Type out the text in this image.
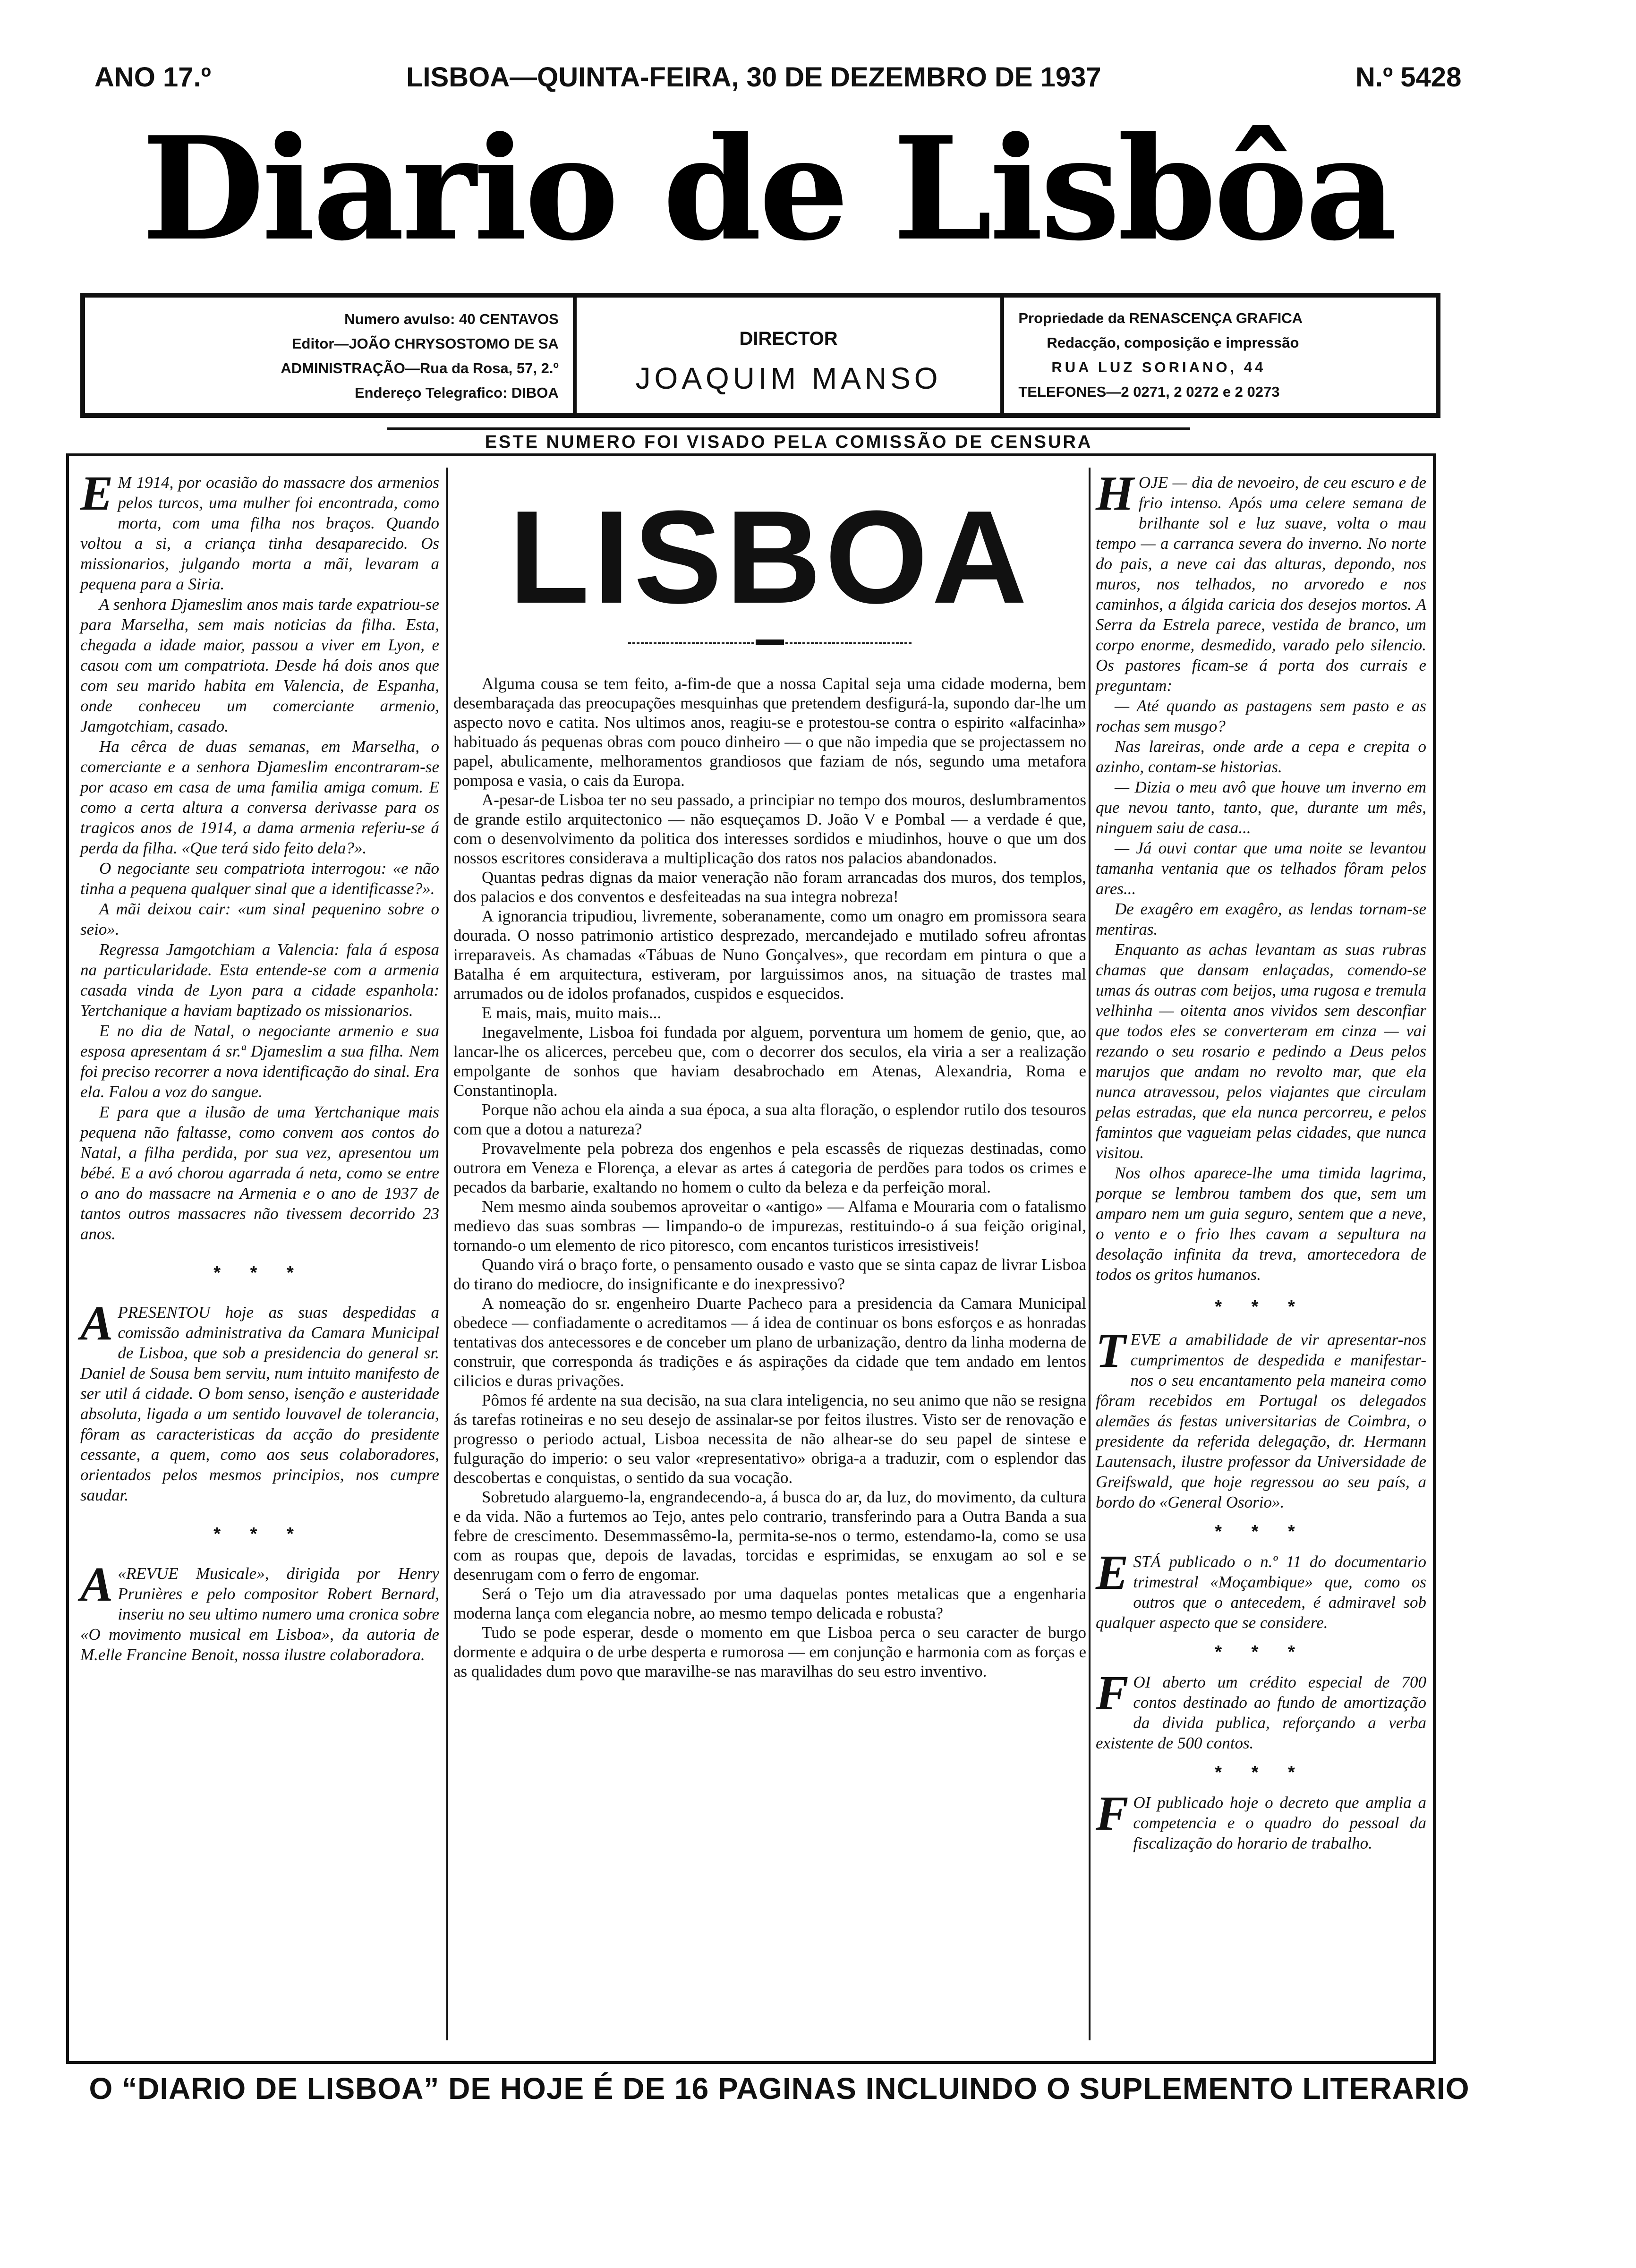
ANO 17.º	LISBOA—QUINTA-FEIRA, 30 DE DEZEMBRO DE 1937	N.º 5428
Diario de Lisbôa
Numero avulso: 40 CENTAVOS
Editor—JOÃO CHRYSOSTOMO DE SA
ADMINISTRAÇÃO—Rua da Rosa, 57, 2.º
Endereço Telegrafico: DIBOA
DIRECTOR
JOAQUIM MANSO
Propriedade da RENASCENÇA GRAFICA
Redacção, composição e impressão
RUA LUZ SORIANO, 44
TELEFONES—2 0271, 2 0272 e 2 0273
ESTE NUMERO FOI VISADO PELA COMISSÃO DE CENSURA
E M 1914, por ocasião do massacre dos armenios pelos turcos, uma mulher foi encontrada, como morta, com uma filha nos braços. Quando voltou a si, a criança tinha desaparecido. Os missionarios, julgando morta a mãi, levaram a pequena para a Siria.

A senhora Djameslim anos mais tarde expatriou-se para Marselha, sem mais noticias da filha. Esta, chegada a idade maior, passou a viver em Lyon, e casou com um compatriota. Desde há dois anos que com seu marido habita em Valencia, de Espanha, onde conheceu um comerciante armenio, Jamgotchiam, casado.

Ha cêrca de duas semanas, em Marselha, o comerciante e a senhora Djameslim encontraram-se por acaso em casa de uma familia amiga comum. E como a certa altura a conversa derivasse para os tragicos anos de 1914, a dama armenia referiu-se á perda da filha. «Que terá sido feito dela?».

O negociante seu compatriota interrogou: «e não tinha a pequena qualquer sinal que a identificasse?».

A mãi deixou cair: «um sinal pequenino sobre o seio».

Regressa Jamgotchiam a Valencia: fala á esposa na particularidade. Esta entende-se com a armenia casada vinda de Lyon para a cidade espanhola: Yertchanique a haviam baptizado os missionarios.

E no dia de Natal, o negociante armenio e sua esposa apresentam á sr.ª Djameslim a sua filha. Nem foi preciso recorrer a nova identificação do sinal. Era ela. Falou a voz do sangue.

E para que a ilusão de uma Yertchanique mais pequena não faltasse, como convem aos contos do Natal, a filha perdida, por sua vez, apresentou um bébé. E a avó chorou agarrada á neta, como se entre o ano do massacre na Armenia e o ano de 1937 de tantos outros massacres não tivessem decorrido 23 anos.

* * *
A PRESENTOU hoje as suas despedidas a comissão administrativa da Camara Municipal de Lisboa, que sob a presidencia do general sr. Daniel de Sousa bem serviu, num intuito manifesto de ser util á cidade. O bom senso, isenção e austeridade absoluta, ligada a um sentido louvavel de tolerancia, fôram as caracteristicas da acção do presidente cessante, a quem, como aos seus colaboradores, orientados pelos mesmos principios, nos cumpre saudar.

* * *
A «REVUE Musicale», dirigida por Henry Prunières e pelo compositor Robert Bernard, inseriu no seu ultimo numero uma cronica sobre «O movimento musical em Lisboa», da autoria de M.elle Francine Benoit, nossa ilustre colaboradora.

LISBOA

Alguma cousa se tem feito, a-fim-de que a nossa Capital seja uma cidade moderna, bem desembaraçada das preocupações mesquinhas que pretendem desfigurá-la, supondo dar-lhe um aspecto novo e catita. Nos ultimos anos, reagiu-se e protestou-se contra o espirito «alfacinha» habituado ás pequenas obras com pouco dinheiro — o que não impedia que se projectassem no papel, abulicamente, melhoramentos grandiosos que faziam de nós, segundo uma metafora pomposa e vasia, o cais da Europa.

A-pesar-de Lisboa ter no seu passado, a principiar no tempo dos mouros, deslumbramentos de grande estilo arquitectonico — não esqueçamos D. João V e Pombal — a verdade é que, com o desenvolvimento da politica dos interesses sordidos e miudinhos, houve o que um dos nossos escritores considerava a multiplicação dos ratos nos palacios abandonados.

Quantas pedras dignas da maior veneração não foram arrancadas dos muros, dos templos, dos palacios e dos conventos e desfeiteadas na sua integra nobreza!

A ignorancia tripudiou, livremente, soberanamente, como um onagro em promissora seara dourada. O nosso patrimonio artistico desprezado, mercandejado e mutilado sofreu afrontas irreparaveis. As chamadas «Tábuas de Nuno Gonçalves», que recordam em pintura o que a Batalha é em arquitectura, estiveram, por larguissimos anos, na situação de trastes mal arrumados ou de idolos profanados, cuspidos e esquecidos.

E mais, mais, muito mais...

Inegavelmente, Lisboa foi fundada por alguem, porventura um homem de genio, que, ao lancar-lhe os alicerces, percebeu que, com o decorrer dos seculos, ela viria a ser a realização empolgante de sonhos que haviam desabrochado em Atenas, Alexandria, Roma e Constantinopla.

Porque não achou ela ainda a sua época, a sua alta floração, o esplendor rutilo dos tesouros com que a dotou a natureza?

Provavelmente pela pobreza dos engenhos e pela escassês de riquezas destinadas, como outrora em Veneza e Florença, a elevar as artes á categoria de perdões para todos os crimes e pecados da barbarie, exaltando no homem o culto da beleza e da perfeição moral.

Nem mesmo ainda soubemos aproveitar o «antigo» — Alfama e Mouraria com o fatalismo medievo das suas sombras — limpando-o de impurezas, restituindo-o á sua feição original, tornando-o um elemento de rico pitoresco, com encantos turisticos irresistiveis!

Quando virá o braço forte, o pensamento ousado e vasto que se sinta capaz de livrar Lisboa do tirano do mediocre, do insignificante e do inexpressivo?

A nomeação do sr. engenheiro Duarte Pacheco para a presidencia da Camara Municipal obedece — confiadamente o acreditamos — á idea de continuar os bons esforços e as honradas tentativas dos antecessores e de conceber um plano de urbanização, dentro da linha moderna de construir, que corresponda ás tradições e ás aspirações da cidade que tem andado em lentos cilicios e duras privações.

Pômos fé ardente na sua decisão, na sua clara inteligencia, no seu animo que não se resigna ás tarefas rotineiras e no seu desejo de assinalar-se por feitos ilustres. Visto ser de renovação e progresso o periodo actual, Lisboa necessita de não alhear-se do seu papel de sintese e fulguração do imperio: o seu valor «representativo» obriga-a a traduzir, com o esplendor das descobertas e conquistas, o sentido da sua vocação.

Sobretudo alarguemo-la, engrandecendo-a, á busca do ar, da luz, do movimento, da cultura e da vida. Não a furtemos ao Tejo, antes pelo contrario, transferindo para a Outra Banda a sua febre de crescimento. Desemmassêmo-la, permita-se-nos o termo, estendamo-la, como se usa com as roupas que, depois de lavadas, torcidas e esprimidas, se enxugam ao sol e se desenrugam com o ferro de engomar.

Será o Tejo um dia atravessado por uma daquelas pontes metalicas que a engenharia moderna lança com elegancia nobre, ao mesmo tempo delicada e robusta?

Tudo se pode esperar, desde o momento em que Lisboa perca o seu caracter de burgo dormente e adquira o de urbe desperta e rumorosa — em conjunção e harmonia com as forças e as qualidades dum povo que maravilhe-se nas maravilhas do seu estro inventivo.

H OJE — dia de nevoeiro, de ceu escuro e de frio intenso. Após uma celere semana de brilhante sol e luz suave, volta o mau tempo — a carranca severa do inverno. No norte do pais, a neve cai das alturas, depondo, nos muros, nos telhados, no arvoredo e nos caminhos, a álgida caricia dos desejos mortos. A Serra da Estrela parece, vestida de branco, um corpo enorme, desmedido, varado pelo silencio. Os pastores ficam-se á porta dos currais e preguntam:

— Até quando as pastagens sem pasto e as rochas sem musgo?

Nas lareiras, onde arde a cepa e crepita o azinho, contam-se historias.

— Dizia o meu avô que houve um inverno em que nevou tanto, tanto, que, durante um mês, ninguem saiu de casa...

— Já ouvi contar que uma noite se levantou tamanha ventania que os telhados fôram pelos ares...

De exagêro em exagêro, as lendas tornam-se mentiras.

Enquanto as achas levantam as suas rubras chamas que dansam enlaçadas, comendo-se umas ás outras com beijos, uma rugosa e tremula velhinha — oitenta anos vividos sem desconfiar que todos eles se converteram em cinza — vai rezando o seu rosario e pedindo a Deus pelos marujos que andam no revolto mar, que ela nunca atravessou, pelos viajantes que circulam pelas estradas, que ela nunca percorreu, e pelos famintos que vagueiam pelas cidades, que nunca visitou.

Nos olhos aparece-lhe uma timida lagrima, porque se lembrou tambem dos que, sem um amparo nem um guia seguro, sentem que a neve, o vento e o frio lhes cavam a sepultura na desolação infinita da treva, amortecedora de todos os gritos humanos.

* * *
T EVE a amabilidade de vir apresentar-nos cumprimentos de despedida e manifestar-nos o seu encantamento pela maneira como fôram recebidos em Portugal os delegados alemães ás festas universitarias de Coimbra, o presidente da referida delegação, dr. Hermann Lautensach, ilustre professor da Universidade de Greifswald, que hoje regressou ao seu país, a bordo do «General Osorio».

* * *
E STÁ publicado o n.º 11 do documentario trimestral «Moçambique» que, como os outros que o antecedem, é admiravel sob qualquer aspecto que se considere.

* * *
F OI aberto um crédito especial de 700 contos destinado ao fundo de amortização da divida publica, reforçando a verba existente de 500 contos.

* * *
F OI publicado hoje o decreto que amplia a competencia e o quadro do pessoal da fiscalização do horario de trabalho.

O “DIARIO DE LISBOA” DE HOJE É DE 16 PAGINAS INCLUINDO O SUPLEMENTO LITERARIO
